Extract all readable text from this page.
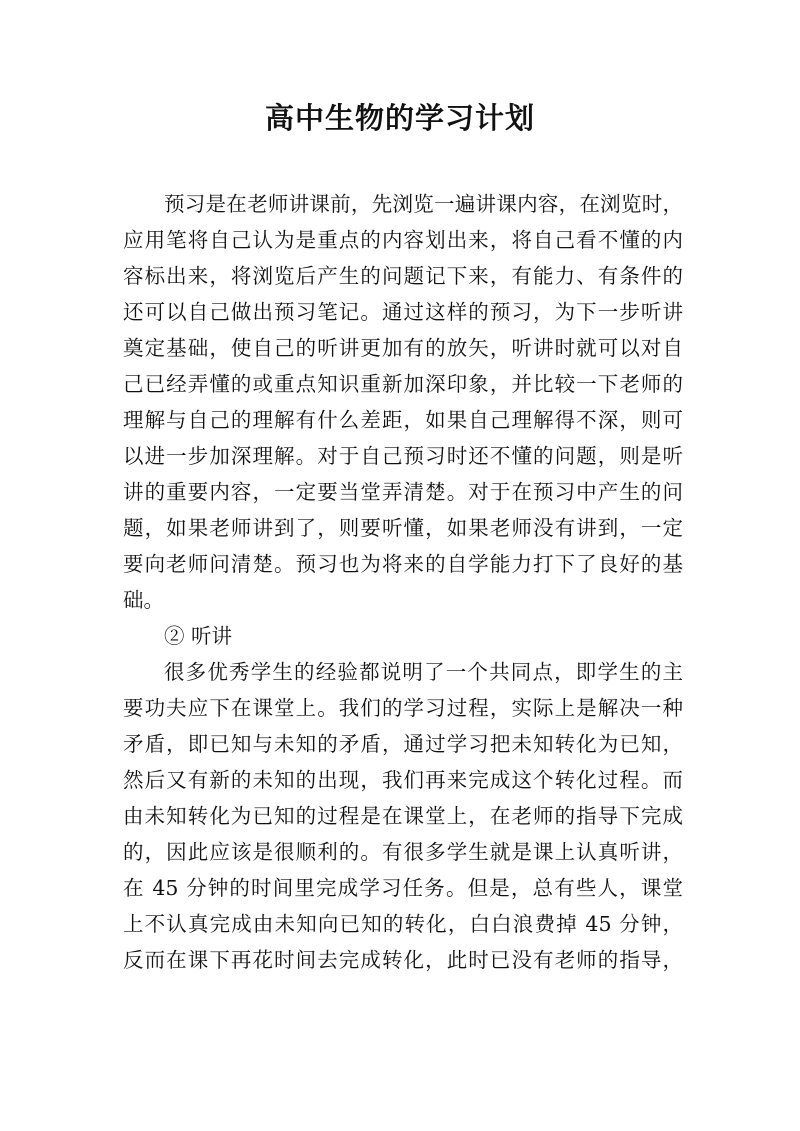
高中生物的学习计划
预习是在老师讲课前，先浏览一遍讲课内容，在浏览时，
应用笔将自己认为是重点的内容划出来，将自己看不懂的内
容标出来，将浏览后产生的问题记下来，有能力、有条件的
还可以自己做出预习笔记。通过这样的预习，为下一步听讲
奠定基础，使自己的听讲更加有的放矢，听讲时就可以对自
己已经弄懂的或重点知识重新加深印象，并比较一下老师的
理解与自己的理解有什么差距，如果自己理解得不深，则可
以进一步加深理解。对于自己预习时还不懂的问题，则是听
讲的重要内容，一定要当堂弄清楚。对于在预习中产生的问
题，如果老师讲到了，则要听懂，如果老师没有讲到，一定
要向老师问清楚。预习也为将来的自学能力打下了良好的基
础。
② 听讲
很多优秀学生的经验都说明了一个共同点，即学生的主
要功夫应下在课堂上。我们的学习过程，实际上是解决一种
矛盾，即已知与未知的矛盾，通过学习把未知转化为已知，
然后又有新的未知的出现，我们再来完成这个转化过程。而
由未知转化为已知的过程是在课堂上，在老师的指导下完成
的，因此应该是很顺利的。有很多学生就是课上认真听讲，
在 45 分钟的时间里完成学习任务。但是，总有些人，课堂
上不认真完成由未知向已知的转化，白白浪费掉 45 分钟，
反而在课下再花时间去完成转化，此时已没有老师的指导，
